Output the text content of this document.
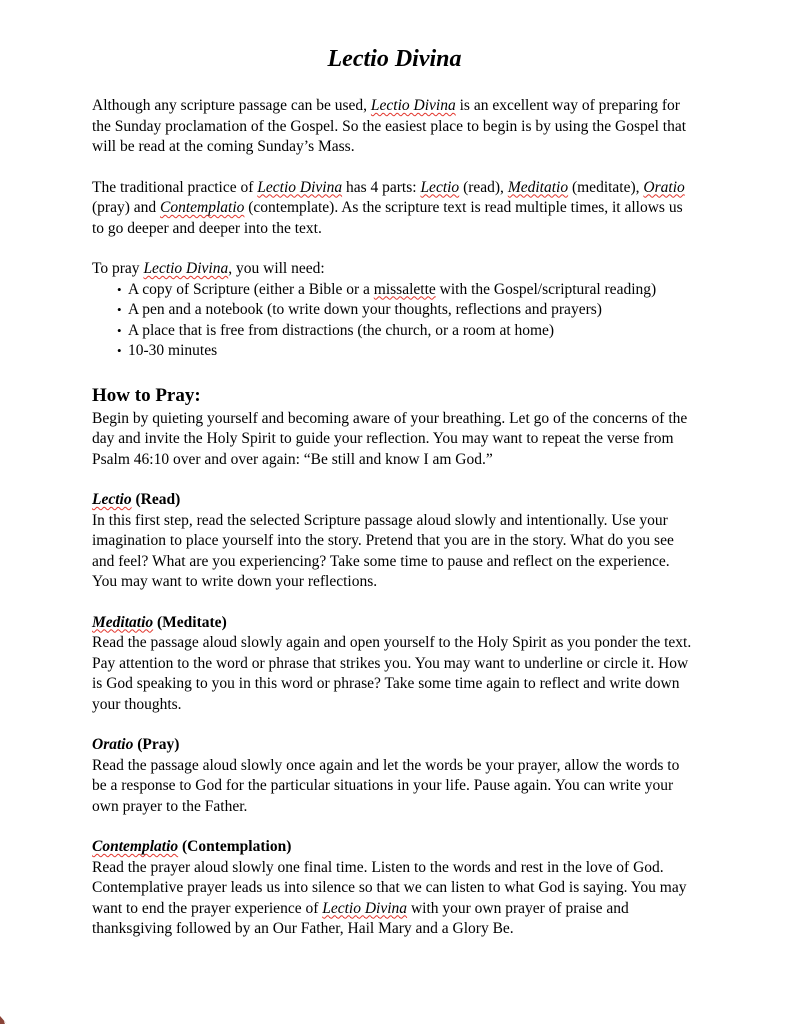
Lectio Divina

Although any scripture passage can be used, Lectio Divina is an excellent way of preparing for the Sunday proclamation of the Gospel. So the easiest place to begin is by using the Gospel that will be read at the coming Sunday’s Mass.

The traditional practice of Lectio Divina has 4 parts: Lectio (read), Meditatio (meditate), Oratio (pray) and Contemplatio (contemplate). As the scripture text is read multiple times, it allows us to go deeper and deeper into the text.

To pray Lectio Divina, you will need:

• A copy of Scripture (either a Bible or a missalette with the Gospel/scriptural reading)
• A pen and a notebook (to write down your thoughts, reflections and prayers)
• A place that is free from distractions (the church, or a room at home)
• 10-30 minutes
How to Pray:

Begin by quieting yourself and becoming aware of your breathing. Let go of the concerns of the day and invite the Holy Spirit to guide your reflection. You may want to repeat the verse from Psalm 46:10 over and over again: “Be still and know I am God.”

Lectio (Read)

In this first step, read the selected Scripture passage aloud slowly and intentionally. Use your imagination to place yourself into the story. Pretend that you are in the story. What do you see and feel? What are you experiencing? Take some time to pause and reflect on the experience. You may want to write down your reflections.

Meditatio (Meditate)

Read the passage aloud slowly again and open yourself to the Holy Spirit as you ponder the text. Pay attention to the word or phrase that strikes you. You may want to underline or circle it. How is God speaking to you in this word or phrase? Take some time again to reflect and write down your thoughts.

Oratio (Pray)

Read the passage aloud slowly once again and let the words be your prayer, allow the words to be a response to God for the particular situations in your life. Pause again. You can write your own prayer to the Father.

Contemplatio (Contemplation)

Read the prayer aloud slowly one final time. Listen to the words and rest in the love of God. Contemplative prayer leads us into silence so that we can listen to what God is saying. You may want to end the prayer experience of Lectio Divina with your own prayer of praise and thanksgiving followed by an Our Father, Hail Mary and a Glory Be.
